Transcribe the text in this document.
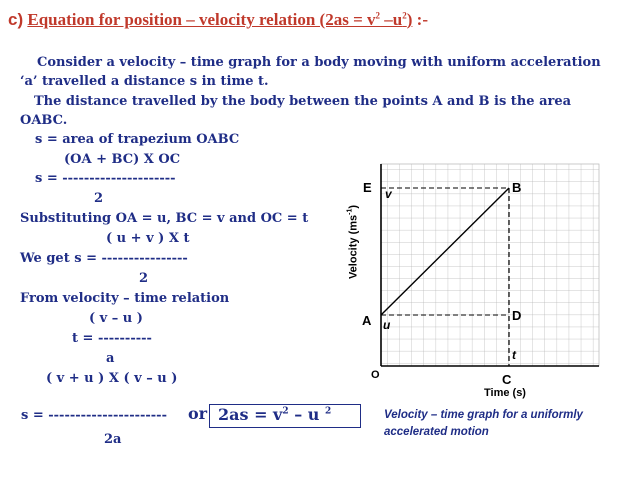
c) Equation for position – velocity relation ($2as = v^2$ $-u^2$) :-
Consider a velocity – time graph for a body moving with uniform acceleration
‘a’ travelled a distance s in time t.
The distance travelled by the body between the points A and B is the area
OABC.
s = area of trapezium OABC
(OA + BC) X OC
s = ---------------------
2
Substituting OA = u, BC = v and OC = t
( u + v ) X t
We get s = ----------------
2
From velocity – time relation
( v – u )
t = ----------
a
( v + u ) X ( v – u )
s = ----------------------
2a
or $2as = v^2 - u$ $^2$
Velocity $(ms^{-1})$
E v	B
A u
D
t
O	C
Time (s)
Velocity – time graph for a uniformly
accelerated motion
